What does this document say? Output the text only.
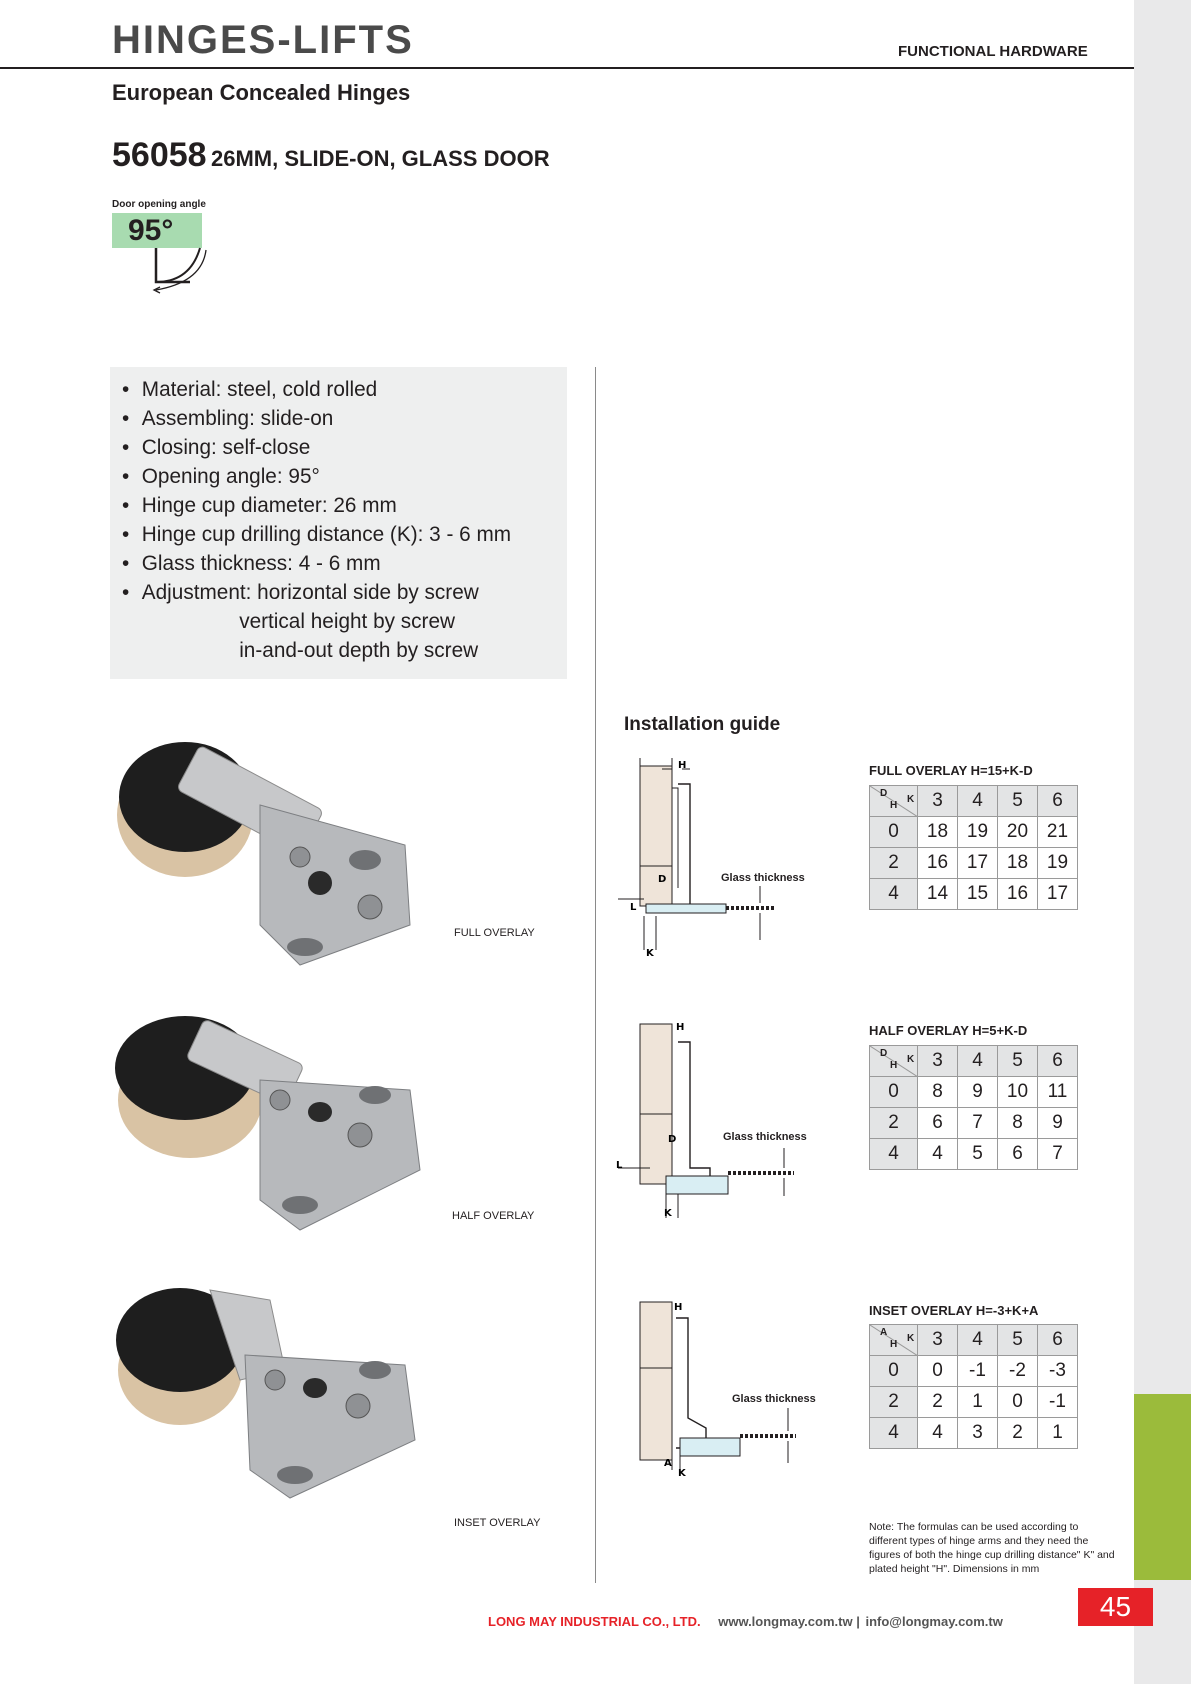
45
HINGES-LIFTS	FUNCTIONAL HARDWARE
European Concealed Hinges
56058 26MM, SLIDE-ON, GLASS DOOR
Door opening angle
95°
• Material: steel, cold rolled
• Assembling: slide-on
• Closing: self-close
• Opening angle: 95°
• Hinge cup diameter: 26 mm
• Hinge cup drilling distance (K): 3 - 6 mm
• Glass thickness: 4 - 6 mm
• Adjustment: horizontal side by screw
vertical height by screw
in-and-out depth by screw
FULL OVERLAY
HALF OVERLAY
INSET OVERLAY
Installation guide
H
D
L
K
Glass thickness
H
D
L
K
Glass thickness
H
A
K
Glass thickness
FULL OVERLAY H=15+K-D
D
H
K	3	4	5	6
0	18	19	20	21
2	16	17	18	19
4	14	15	16	17
HALF OVERLAY H=5+K-D
D
H
K	3	4	5	6
0	8	9	10	11
2	6	7	8	9
4	4	5	6	7
INSET OVERLAY H=-3+K+A
A
H
K	3	4	5	6
0	0	-1	-2	-3
2	2	1	0	-1
4	4	3	2	1
Note: The formulas can be used according to different types of hinge arms and they need the figures of both the hinge cup drilling distance" K" and plated height "H". Dimensions in mm
LONG MAY INDUSTRIAL CO., LTD. www.longmay.com.tw | info@longmay.com.tw
